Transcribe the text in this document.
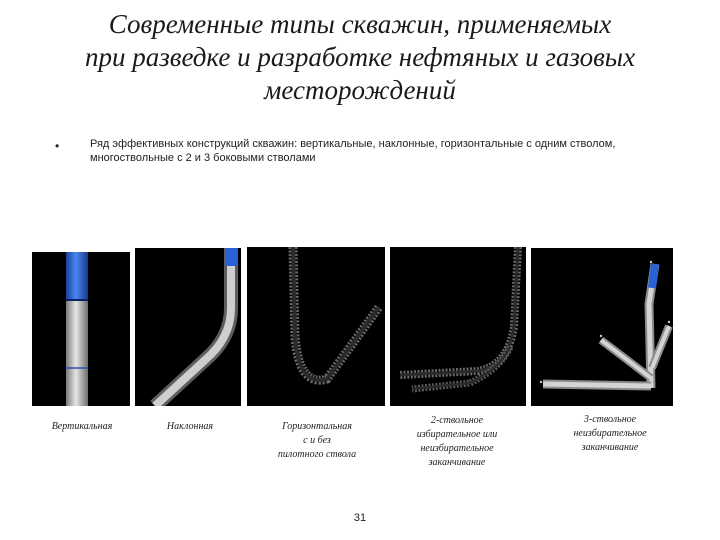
Современные типы скважин, применяемых
при разведке и разработке нефтяных и газовых
месторождений
•	Ряд эффективных конструкций скважин: вертикальные, наклонные, горизонтальные с одним стволом, многоствольные с 2 и 3 боковыми стволами
Вертикальная	Наклонная	Горизонтальная
с и без
пилотного ствола
2-ствольное
избирательное или
неизбирательное
заканчивание
3-ствольное
неизбирательное
заканчивание
31
